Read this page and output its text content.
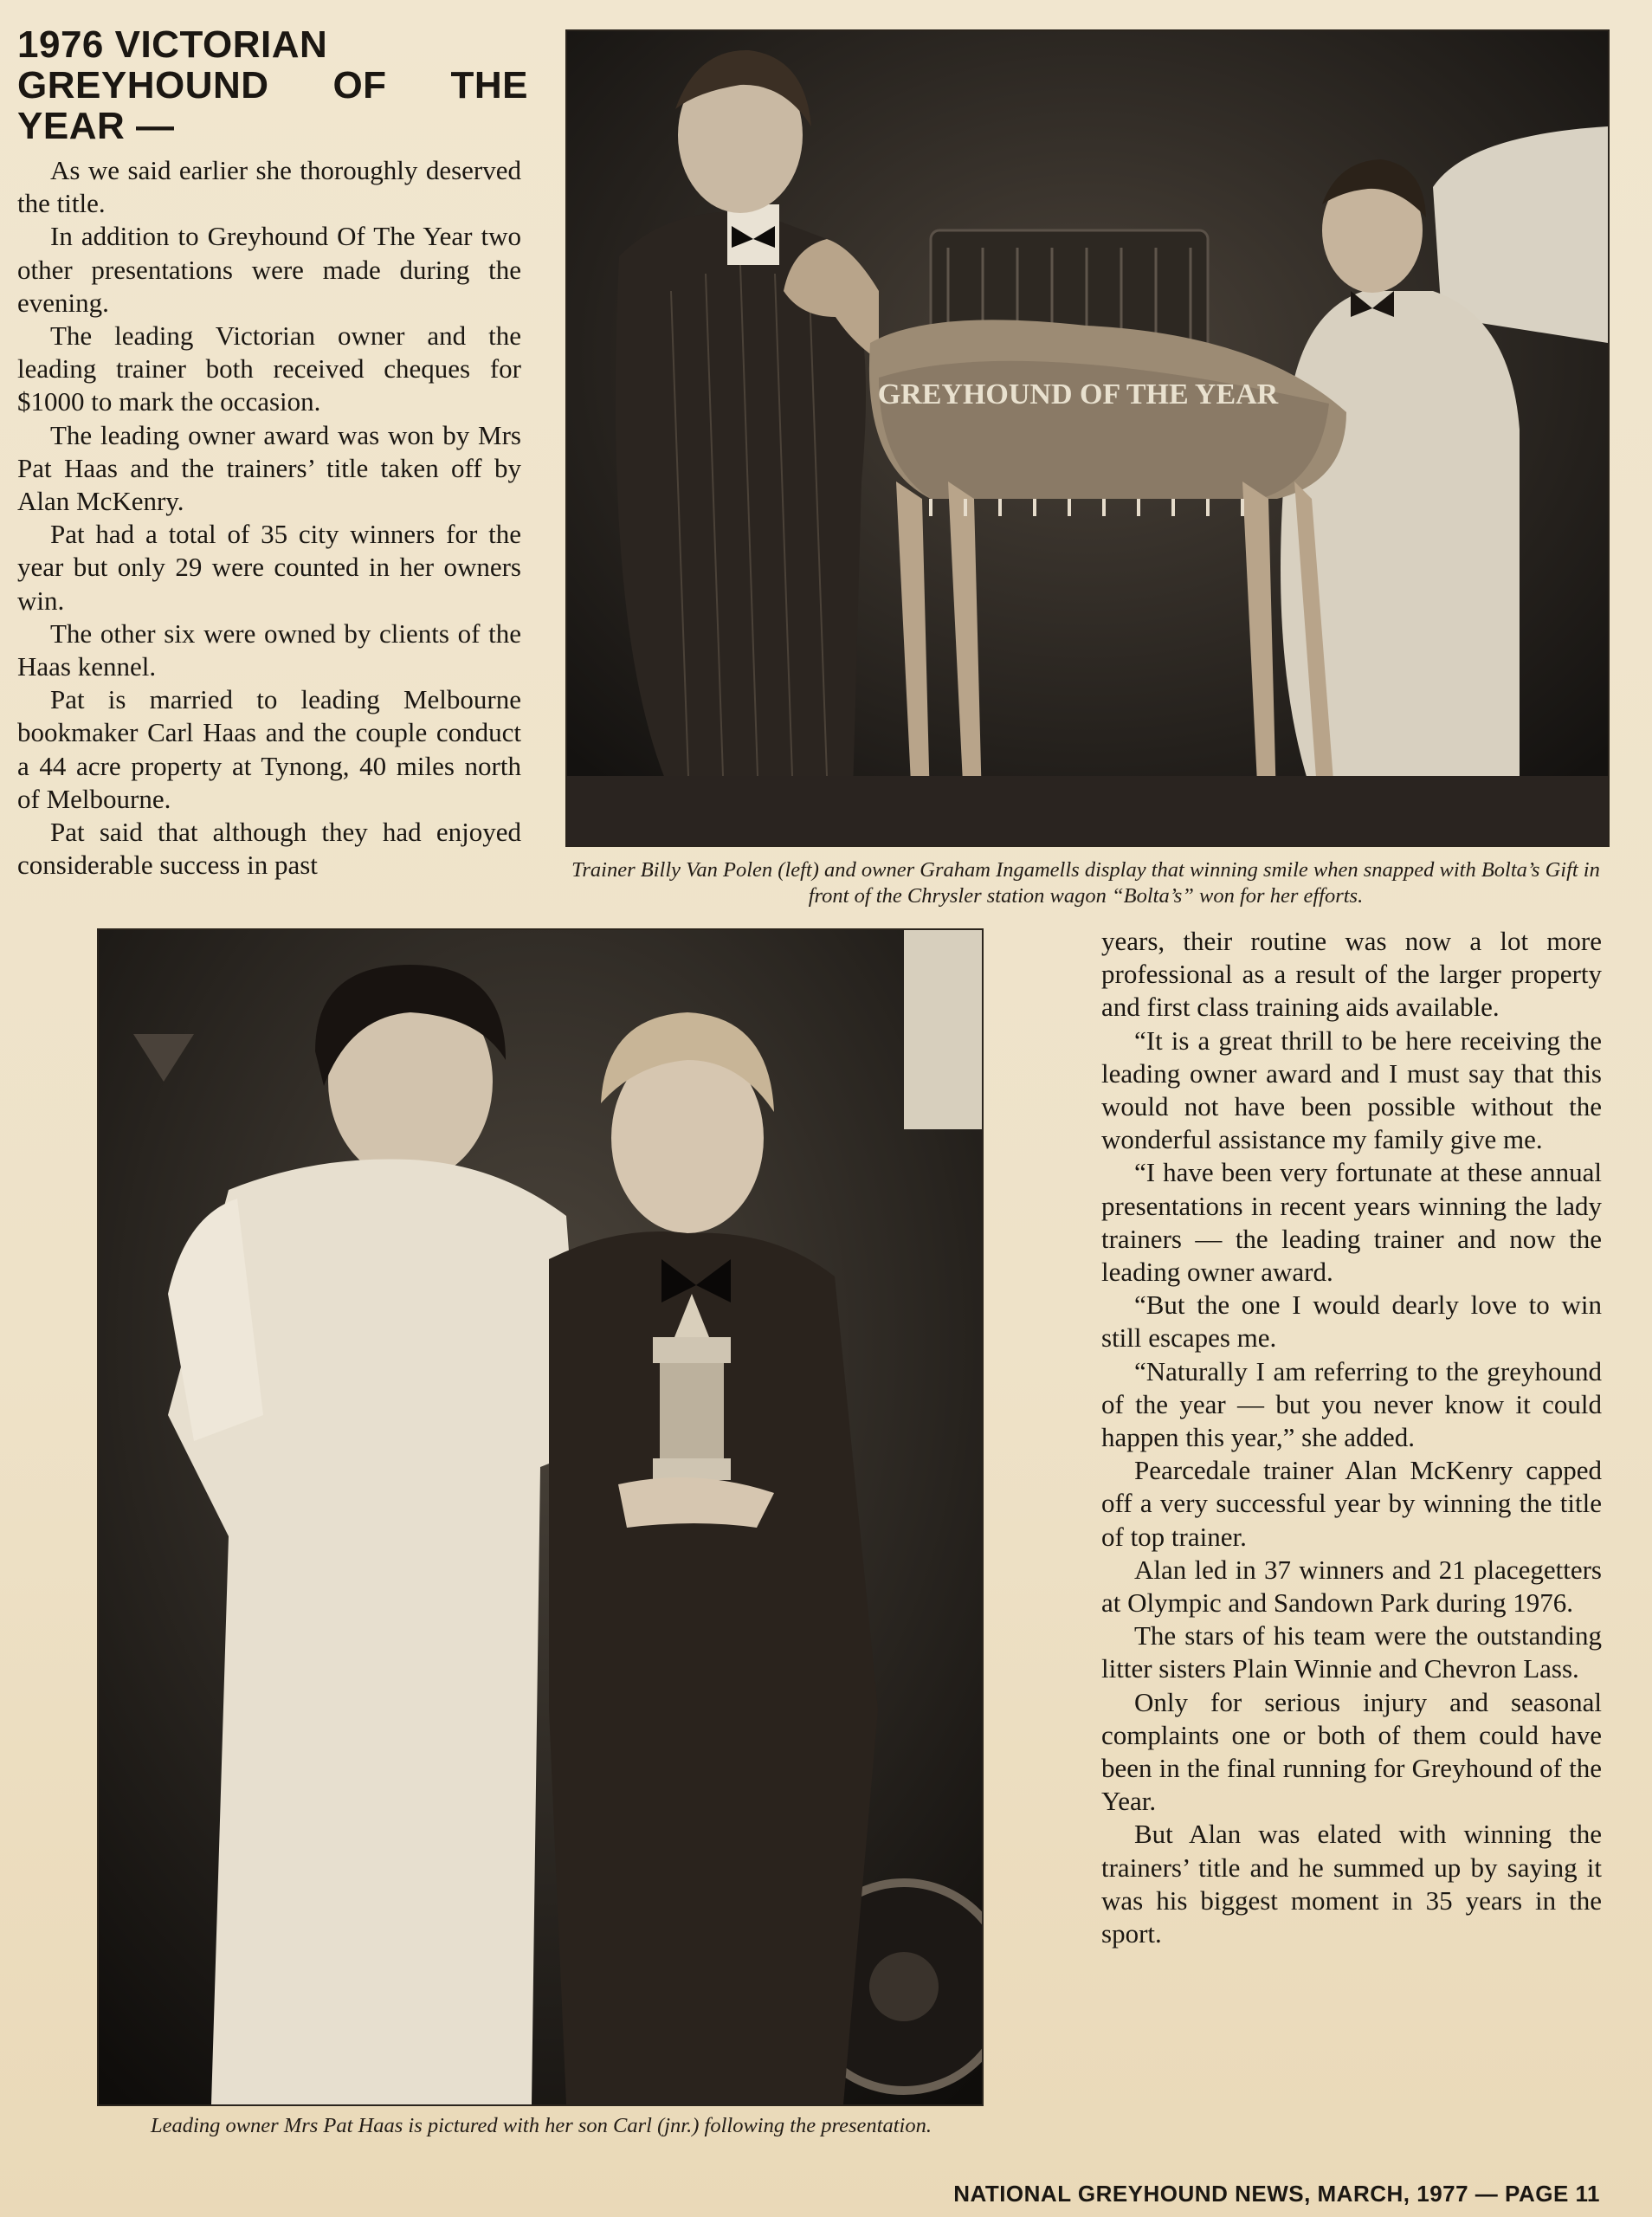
1976 VICTORIAN
GREYHOUND OF THE
YEAR —

As we said earlier she thoroughly deserved the title.

In addition to Greyhound Of The Year two other presentations were made during the evening.

The leading Victorian owner and the leading trainer both received cheques for $1000 to mark the occasion.

The leading owner award was won by Mrs Pat Haas and the trainers’ title taken off by Alan McKenry.

Pat had a total of 35 city winners for the year but only 29 were counted in her owners win.

The other six were owned by clients of the Haas kennel.

Pat is married to leading Melbourne bookmaker Carl Haas and the couple conduct a 44 acre property at Tynong, 40 miles north of Melbourne.

Pat said that although they had enjoyed considerable success in past

GREYHOUND OF THE YEAR
Trainer Billy Van Polen (left) and owner Graham Ingamells display that winning smile when snapped with Bolta’s Gift in front of the Chrysler station wagon “Bolta’s” won for her efforts.
Leading owner Mrs Pat Haas is pictured with her son Carl (jnr.) following the presentation.

years, their routine was now a lot more professional as a result of the larger property and first class training aids available.

“It is a great thrill to be here receiving the leading owner award and I must say that this would not have been possible without the wonderful assistance my family give me.

“I have been very fortunate at these annual presentations in recent years winning the lady trainers — the leading trainer and now the leading owner award.

“But the one I would dearly love to win still escapes me.

“Naturally I am referring to the greyhound of the year — but you never know it could happen this year,” she added.

Pearcedale trainer Alan McKenry capped off a very successful year by winning the title of top trainer.

Alan led in 37 winners and 21 placegetters at Olympic and Sandown Park during 1976.

The stars of his team were the outstanding litter sisters Plain Winnie and Chevron Lass.

Only for serious injury and seasonal complaints one or both of them could have been in the final running for Greyhound of the Year.

But Alan was elated with winning the trainers’ title and he summed up by saying it was his biggest moment in 35 years in the sport.

NATIONAL GREYHOUND NEWS, MARCH, 1977 — PAGE 11
